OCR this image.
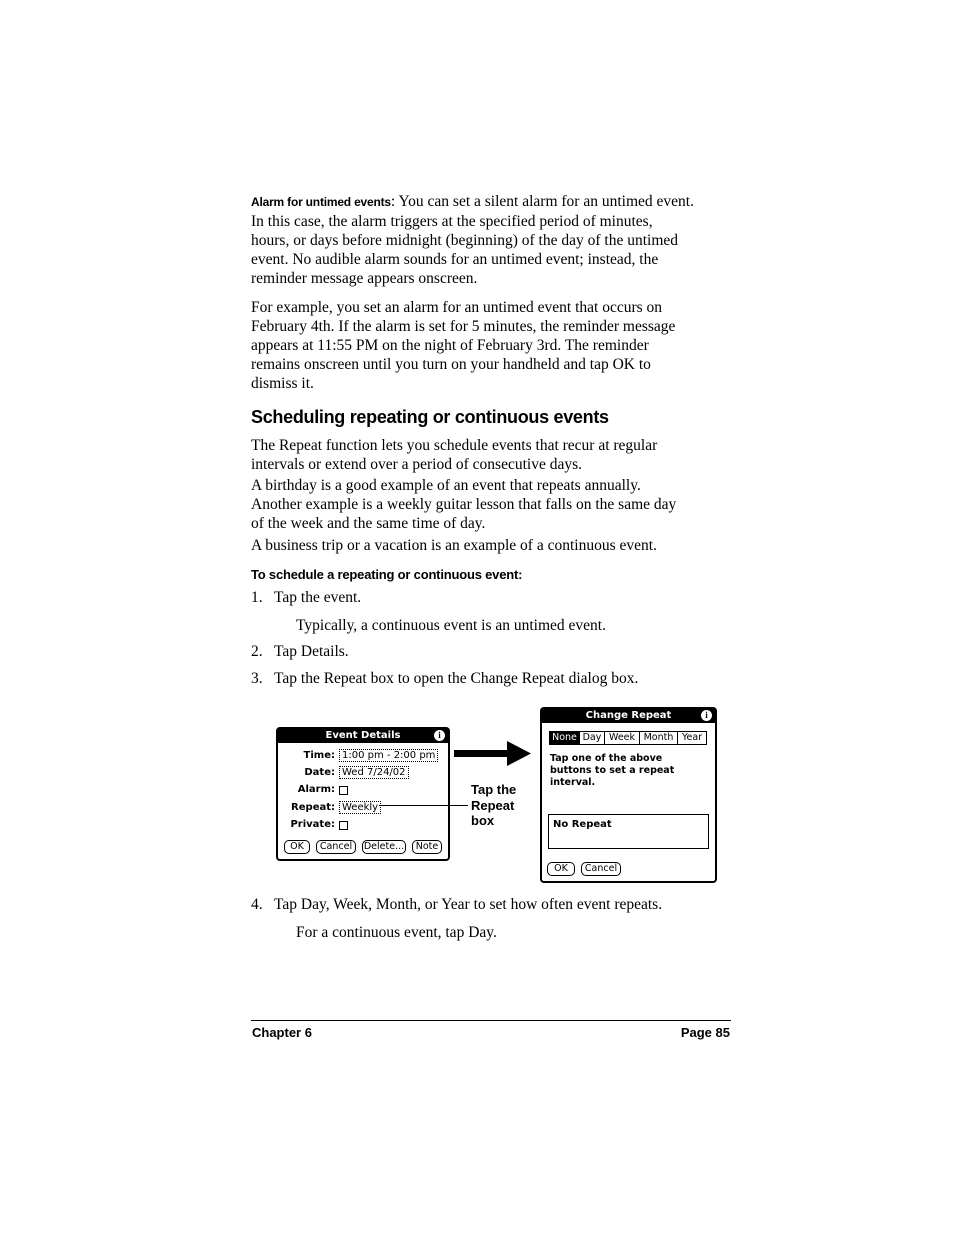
Alarm for untimed events: You can set a silent alarm for an untimed event.
In this case, the alarm triggers at the specified period of minutes,
hours, or days before midnight (beginning) of the day of the untimed
event. No audible alarm sounds for an untimed event; instead, the
reminder message appears onscreen.
For example, you set an alarm for an untimed event that occurs on
February 4th. If the alarm is set for 5 minutes, the reminder message
appears at 11:55 PM on the night of February 3rd. The reminder
remains onscreen until you turn on your handheld and tap OK to
dismiss it.
Scheduling repeating or continuous events
The Repeat function lets you schedule events that recur at regular
intervals or extend over a period of consecutive days.
A birthday is a good example of an event that repeats annually.
Another example is a weekly guitar lesson that falls on the same day
of the week and the same time of day.
A business trip or a vacation is an example of a continuous event.
To schedule a repeating or continuous event:
1. Tap the event.
Typically, a continuous event is an untimed event.
2. Tap Details.
3. Tap the Repeat box to open the Change Repeat dialog box.
Event Details	i
Time: 1:00 pm - 2:00 pm
Date: Wed 7/24/02
Alarm:
Repeat: Weekly
Private:
OK	Cancel	Delete...	Note
Tap the
Repeat
box
Change Repeat	i
None Day Week Month Year
Tap one of the above
buttons to set a repeat
interval.
No Repeat
OK	Cancel
4. Tap Day, Week, Month, or Year to set how often event repeats.
For a continuous event, tap Day.
Chapter 6	Page 85
